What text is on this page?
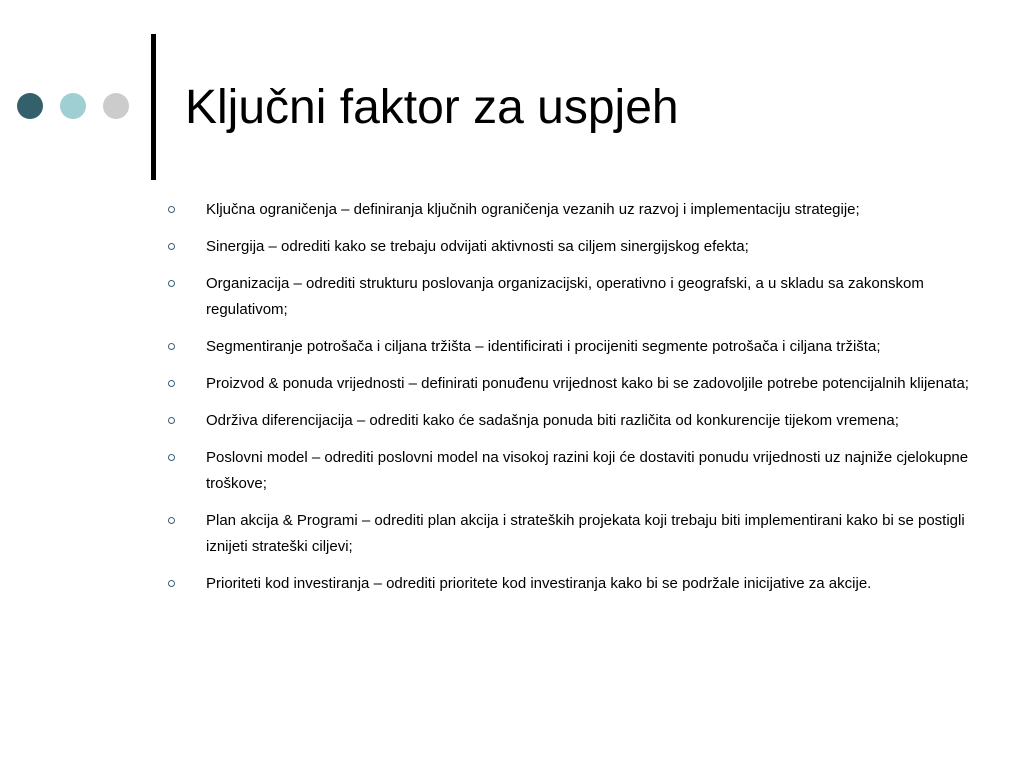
Ključni faktor za uspjeh
Ključna ograničenja – definiranja ključnih ograničenja vezanih uz razvoj i implementaciju strategije;
Sinergija – odrediti kako se trebaju odvijati aktivnosti sa ciljem sinergijskog efekta;
Organizacija – odrediti strukturu poslovanja organizacijski, operativno i geografski, a u skladu sa zakonskom regulativom;
Segmentiranje potrošača i ciljana tržišta – identificirati i procijeniti segmente potrošača i ciljana tržišta;
Proizvod & ponuda vrijednosti – definirati ponuđenu vrijednost kako bi se zadovoljile potrebe potencijalnih klijenata;
Održiva diferencijacija – odrediti kako će sadašnja ponuda biti različita od konkurencije tijekom vremena;
Poslovni model – odrediti poslovni model na visokoj razini koji će dostaviti ponudu vrijednosti uz najniže cjelokupne troškove;
Plan akcija & Programi – odrediti plan akcija i strateških projekata koji trebaju biti implementirani kako bi se postigli iznijeti strateški ciljevi;
Prioriteti kod investiranja – odrediti prioritete kod investiranja kako bi se podržale inicijative za akcije.
